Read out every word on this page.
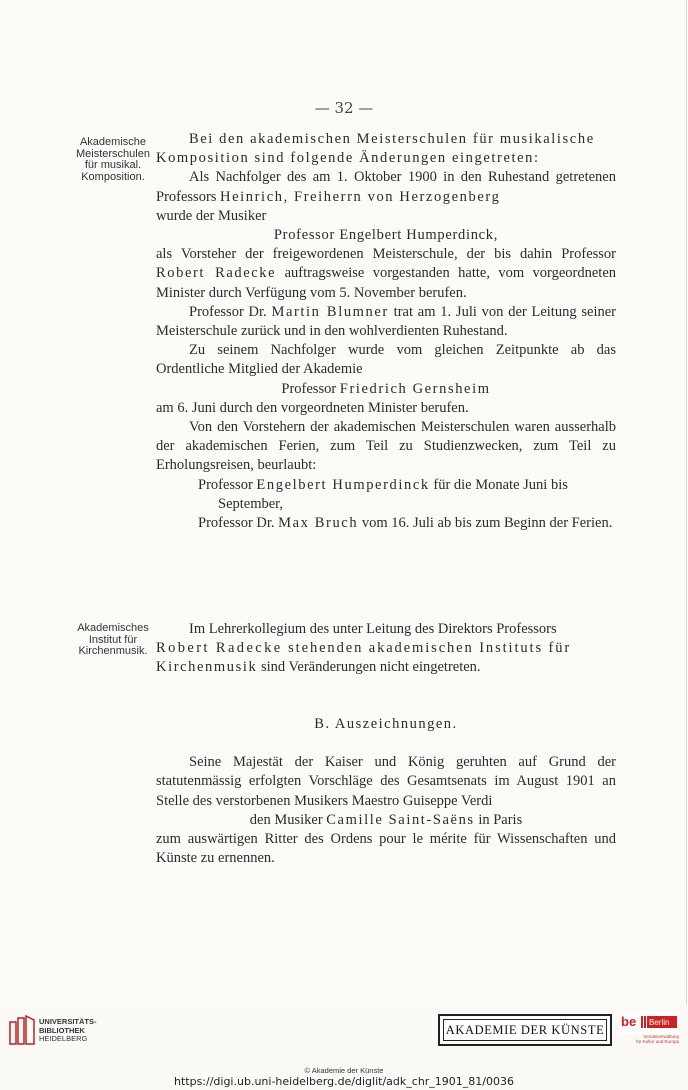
— 32 —
Akademische
Meisterschulen
für musikal.
Komposition.

Bei den akademischen Meisterschulen für musikalische

Komposition sind folgende Änderungen eingetreten:

Als Nachfolger des am 1. Oktober 1900 in den Ruhestand getretenen Professors Heinrich, Freiherrn von Herzogenberg

wurde der Musiker

Professor Engelbert Humperdinck,

als Vorsteher der freigewordenen Meisterschule, der bis dahin Professor Robert Radecke auftragsweise vorgestanden hatte, vom vorgeordneten Minister durch Verfügung vom 5. November berufen.

Professor Dr. Martin Blumner trat am 1. Juli von der Leitung seiner Meisterschule zurück und in den wohlverdienten Ruhestand.

Zu seinem Nachfolger wurde vom gleichen Zeitpunkte ab das Ordentliche Mitglied der Akademie

Professor Friedrich Gernsheim

am 6. Juni durch den vorgeordneten Minister berufen.

Von den Vorstehern der akademischen Meisterschulen waren ausserhalb der akademischen Ferien, zum Teil zu Studienzwecken, zum Teil zu Erholungsreisen, beurlaubt:

Professor Engelbert Humperdinck für die Monate Juni bis September,

Professor Dr. Max Bruch vom 16. Juli ab bis zum Beginn der Ferien.

Akademisches
Institut für
Kirchenmusik.

Im Lehrerkollegium des unter Leitung des Direktors Professors

Robert Radecke stehenden akademischen Instituts für

Kirchenmusik sind Veränderungen nicht eingetreten.

B. Auszeichnungen.

Seine Majestät der Kaiser und König geruhten auf Grund der statutenmässig erfolgten Vorschläge des Gesamtsenats im August 1901 an Stelle des verstorbenen Musikers Maestro Guiseppe Verdi

den Musiker Camille Saint-Saëns in Paris

zum auswärtigen Ritter des Ordens pour le mérite für Wissenschaften und Künste zu ernennen.

UNIVERSITÄTS-
BIBLIOTHEK
HEIDELBERG
AKADEMIE DER KÜNSTE
be Berlin
Senatsverwaltung
für Kultur und Europa
© Akademie der Künste
https://digi.ub.uni-heidelberg.de/diglit/adk_chr_1901_81/0036
